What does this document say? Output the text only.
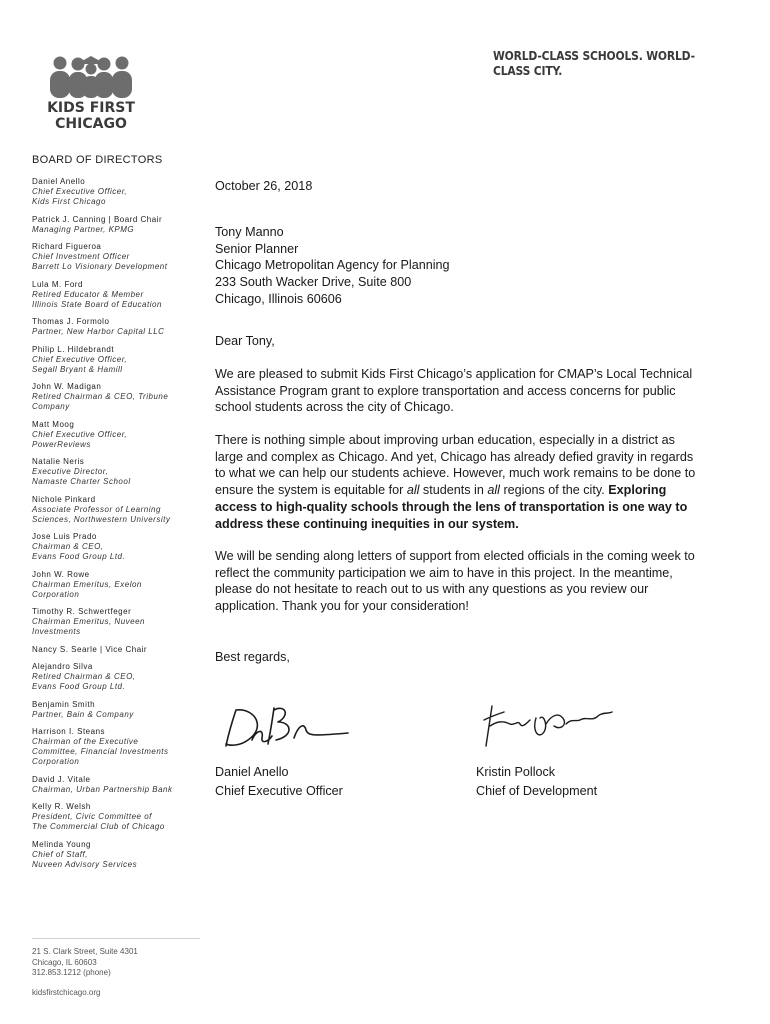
KIDS FIRST
CHICAGO
WORLD-CLASS SCHOOLS. WORLD-CLASS CITY.
BOARD OF DIRECTORS
Daniel Anello
Chief Executive Officer,
Kids First Chicago
Patrick J. Canning | Board Chair
Managing Partner, KPMG
Richard Figueroa
Chief Investment Officer
Barrett Lo Visionary Development
Lula M. Ford
Retired Educator & Member
Illinois State Board of Education
Thomas J. Formolo
Partner, New Harbor Capital LLC
Philip L. Hildebrandt
Chief Executive Officer,
Segall Bryant & Hamill
John W. Madigan
Retired Chairman & CEO, Tribune
Company
Matt Moog
Chief Executive Officer,
PowerReviews
Natalie Neris
Executive Director,
Namaste Charter School
Nichole Pinkard
Associate Professor of Learning
Sciences, Northwestern University
Jose Luis Prado
Chairman & CEO,
Evans Food Group Ltd.
John W. Rowe
Chairman Emeritus, Exelon
Corporation
Timothy R. Schwertfeger
Chairman Emeritus, Nuveen
Investments
Nancy S. Searle | Vice Chair
Alejandro Silva
Retired Chairman & CEO,
Evans Food Group Ltd.
Benjamin Smith
Partner, Bain & Company
Harrison I. Steans
Chairman of the Executive
Committee, Financial Investments
Corporation
David J. Vitale
Chairman, Urban Partnership Bank
Kelly R. Welsh
President, Civic Committee of
The Commercial Club of Chicago
Melinda Young
Chief of Staff,
Nuveen Advisory Services
21 S. Clark Street, Suite 4301
Chicago, IL 60603
312.853.1212 (phone)
kidsfirstchicago.org
October 26, 2018
Tony Manno
Senior Planner
Chicago Metropolitan Agency for Planning
233 South Wacker Drive, Suite 800
Chicago, Illinois 60606
Dear Tony,
We are pleased to submit Kids First Chicago’s application for CMAP’s Local Technical Assistance Program grant to explore transportation and access concerns for public school students across the city of Chicago.
There is nothing simple about improving urban education, especially in a district as large and complex as Chicago. And yet, Chicago has already defied gravity in regards to what we can help our students achieve. However, much work remains to be done to ensure the system is equitable for all students in all regions of the city. Exploring access to high-quality schools through the lens of transportation is one way to address these continuing inequities in our system.
We will be sending along letters of support from elected officials in the coming week to reflect the community participation we aim to have in this project. In the meantime, please do not hesitate to reach out to us with any questions as you review our application. Thank you for your consideration!
Best regards,
Daniel Anello
Chief Executive Officer
Kristin Pollock
Chief of Development
